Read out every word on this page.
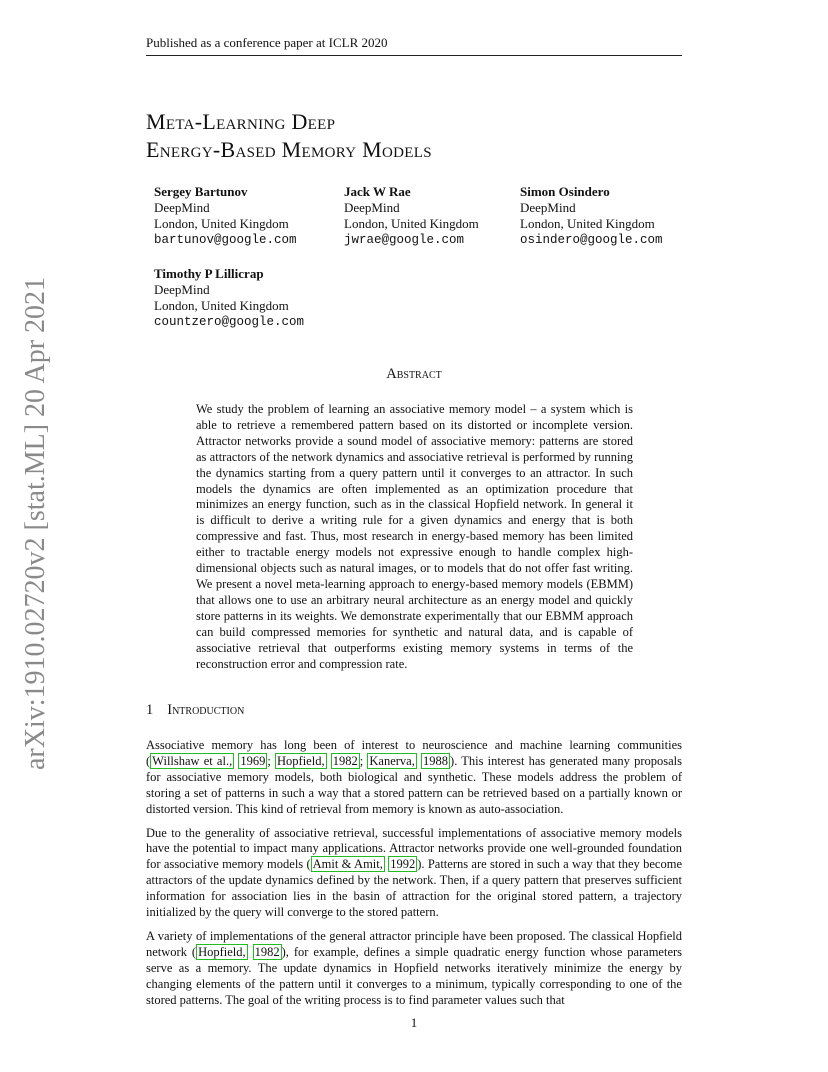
Published as a conference paper at ICLR 2020
Meta-Learning Deep
Energy-Based Memory Models
Sergey Bartunov
DeepMind
London, United Kingdom
bartunov@google.com
Jack W Rae
DeepMind
London, United Kingdom
jwrae@google.com
Simon Osindero
DeepMind
London, United Kingdom
osindero@google.com
Timothy P Lillicrap
DeepMind
London, United Kingdom
countzero@google.com
arXiv:1910.02720v2 [stat.ML] 20 Apr 2021	Abstract
We study the problem of learning an associative memory model – a system which is able to retrieve a remembered pattern based on its distorted or incomplete version. Attractor networks provide a sound model of associative memory: patterns are stored as attractors of the network dynamics and associative retrieval is performed by running the dynamics starting from a query pattern until it converges to an attractor. In such models the dynamics are often implemented as an optimization procedure that minimizes an energy function, such as in the classical Hopfield network. In general it is difficult to derive a writing rule for a given dynamics and energy that is both compressive and fast. Thus, most research in energy-based memory has been limited either to tractable energy models not expressive enough to handle complex high-dimensional objects such as natural images, or to models that do not offer fast writing. We present a novel meta-learning approach to energy-based memory models (EBMM) that allows one to use an arbitrary neural architecture as an energy model and quickly store patterns in its weights. We demonstrate experimentally that our EBMM approach can build compressed memories for synthetic and natural data, and is capable of associative retrieval that outperforms existing memory systems in terms of the reconstruction error and compression rate.
1 Introduction

Associative memory has long been of interest to neuroscience and machine learning communities ( Willshaw et al., 1969 ; Hopfield, 1982 ; Kanerva, 1988 ). This interest has generated many proposals for associative memory models, both biological and synthetic. These models address the problem of storing a set of patterns in such a way that a stored pattern can be retrieved based on a partially known or distorted version. This kind of retrieval from memory is known as auto-association.

Due to the generality of associative retrieval, successful implementations of associative memory models have the potential to impact many applications. Attractor networks provide one well-grounded foundation for associative memory models ( Amit & Amit, 1992 ). Patterns are stored in such a way that they become attractors of the update dynamics defined by the network. Then, if a query pattern that preserves sufficient information for association lies in the basin of attraction for the original stored pattern, a trajectory initialized by the query will converge to the stored pattern.

A variety of implementations of the general attractor principle have been proposed. The classical Hopfield network ( Hopfield, 1982 ), for example, defines a simple quadratic energy function whose parameters serve as a memory. The update dynamics in Hopfield networks iteratively minimize the energy by changing elements of the pattern until it converges to a minimum, typically corresponding to one of the stored patterns. The goal of the writing process is to find parameter values such that

1
